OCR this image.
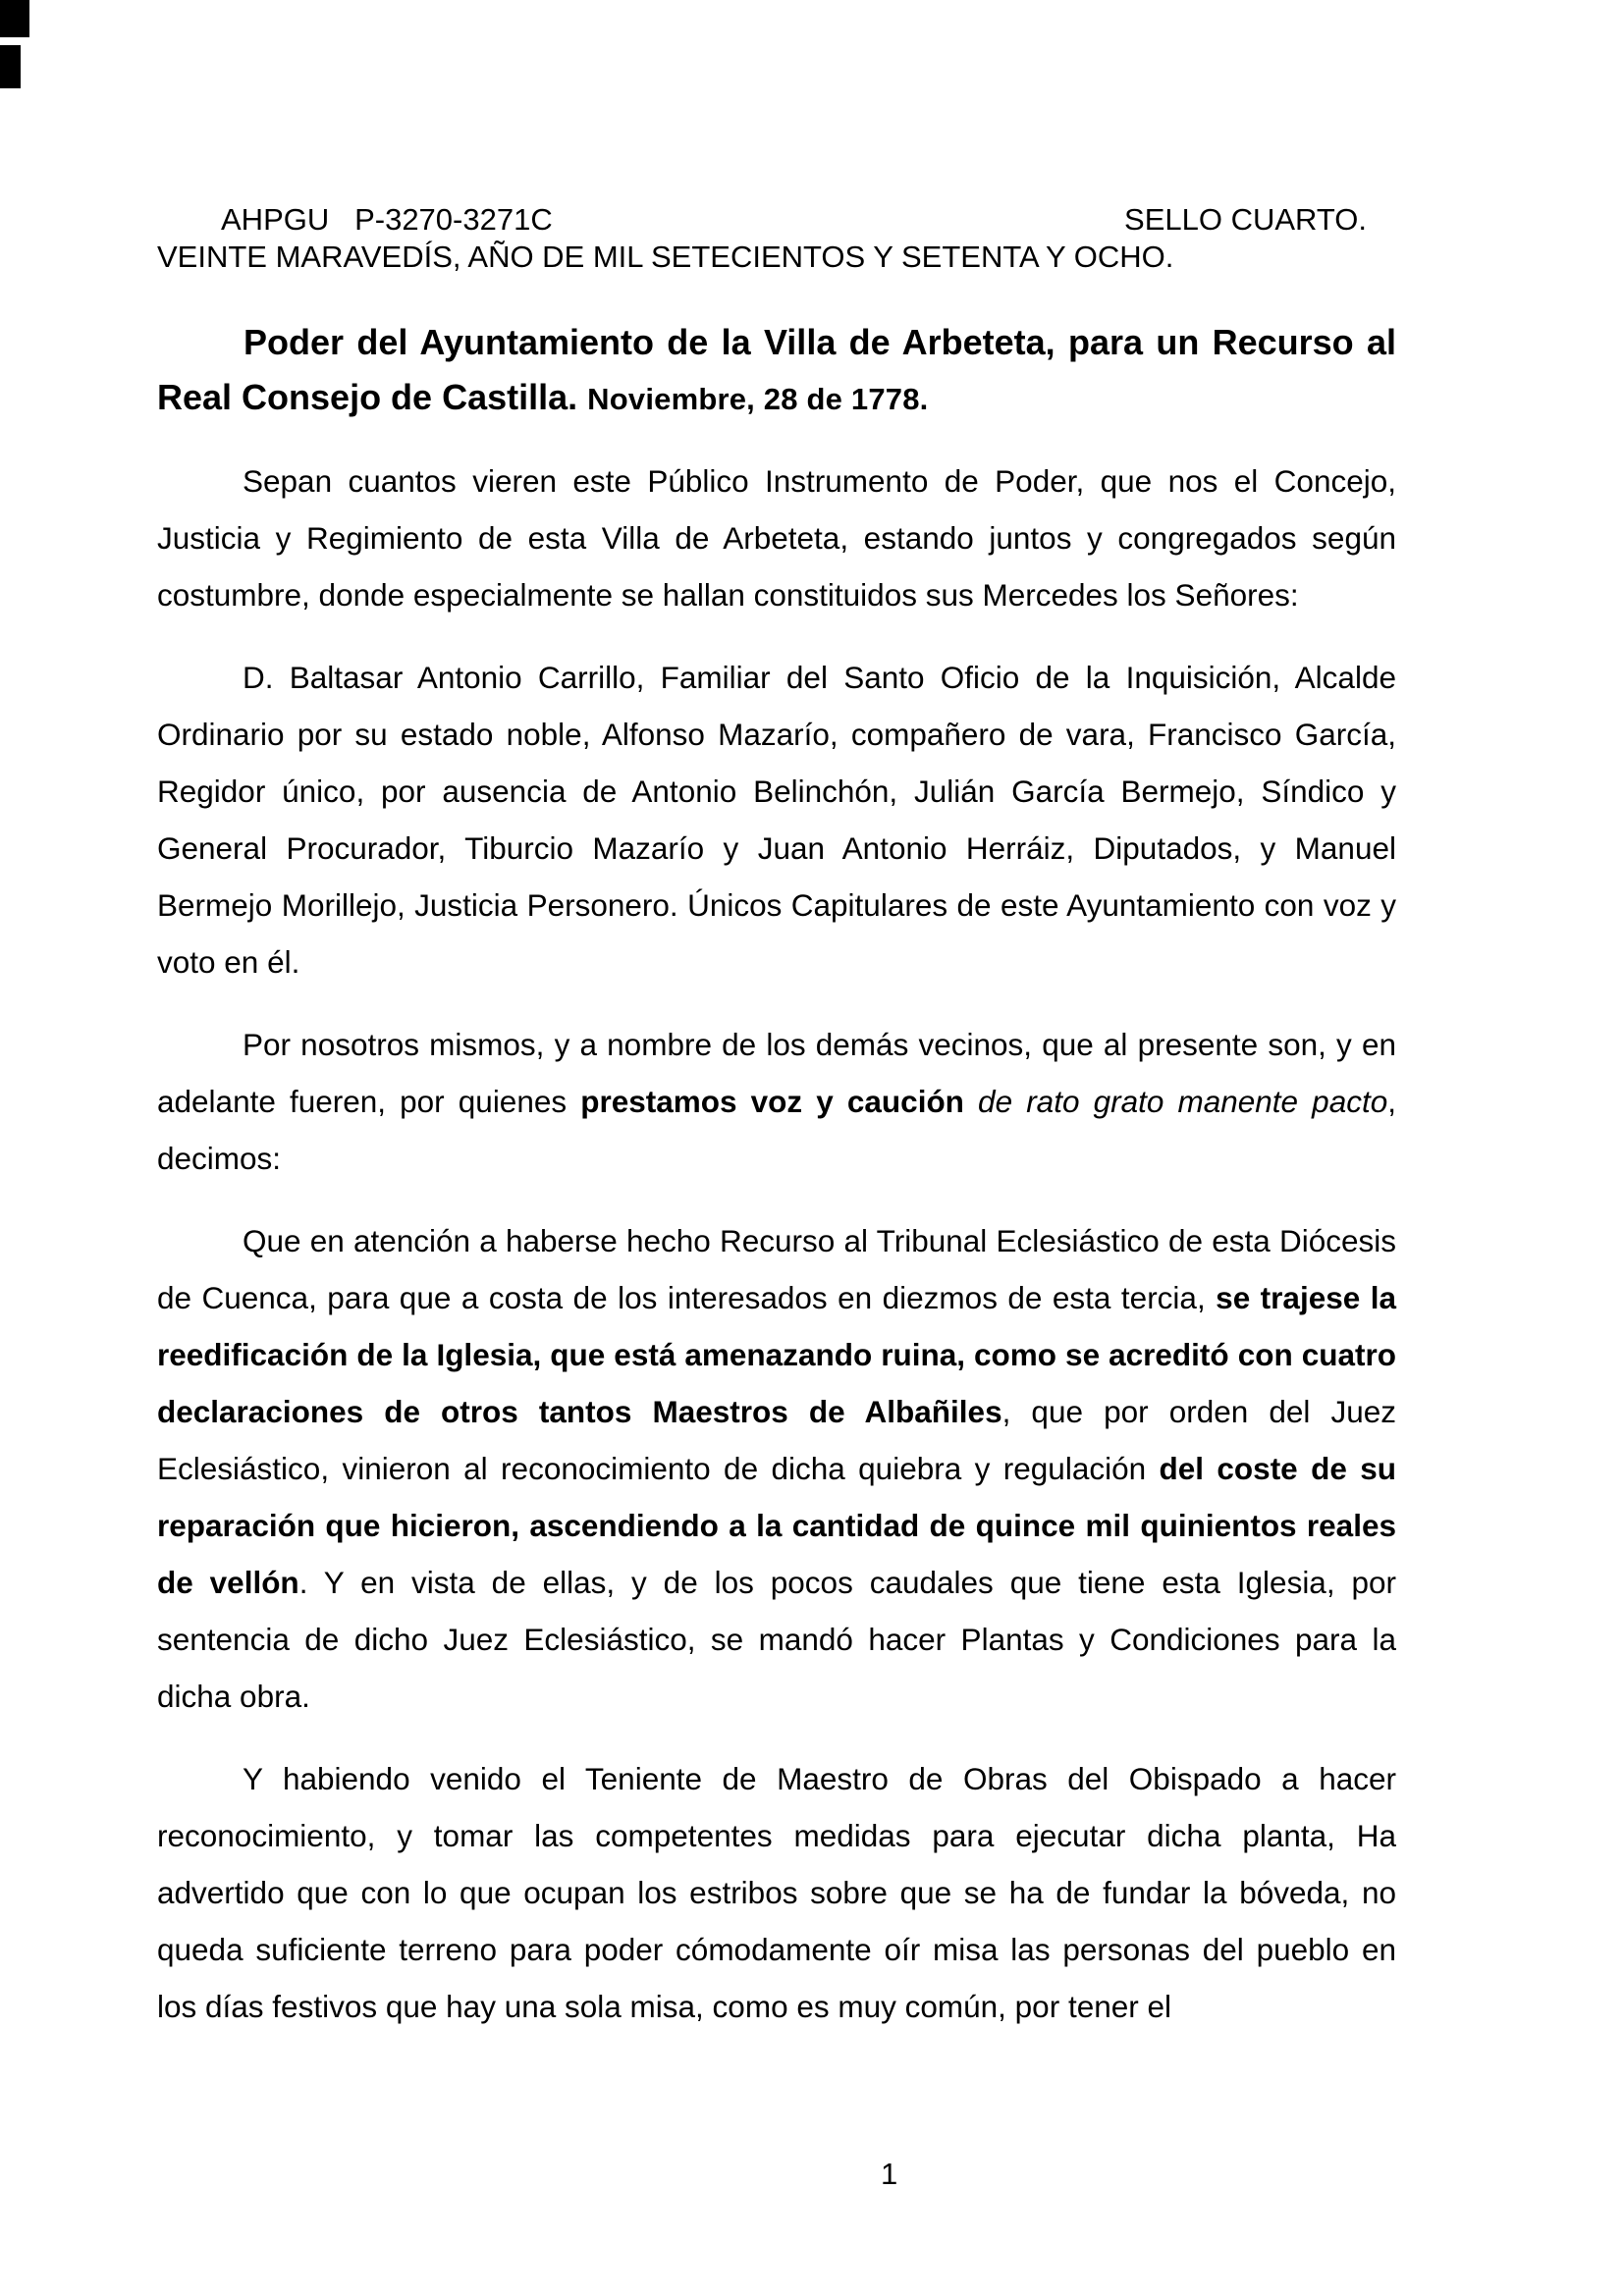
AHPGU   P-3270-3271C	SELLO CUARTO.
VEINTE MARAVEDÍS, AÑO DE MIL SETECIENTOS Y SETENTA Y OCHO.

Poder del Ayuntamiento de la Villa de Arbeteta, para un Recurso al Real Consejo de Castilla. Noviembre, 28 de 1778.

Sepan cuantos vieren este Público Instrumento de Poder, que nos el Concejo, Justicia y Regimiento de esta Villa de Arbeteta, estando juntos y congregados según costumbre, donde especialmente se hallan constituidos sus Mercedes los Señores:

D. Baltasar Antonio Carrillo, Familiar del Santo Oficio de la Inquisición, Alcalde Ordinario por su estado noble, Alfonso Mazarío, compañero de vara, Francisco García, Regidor único, por ausencia de Antonio Belinchón, Julián García Bermejo, Síndico y General Procurador, Tiburcio Mazarío y Juan Antonio Herráiz, Diputados, y Manuel Bermejo Morillejo, Justicia Personero. Únicos Capitulares de este Ayuntamiento con voz y voto en él.

Por nosotros mismos, y a nombre de los demás vecinos, que al presente son, y en adelante fueren, por quienes prestamos voz y caución de rato grato manente pacto, decimos:

Que en atención a haberse hecho Recurso al Tribunal Eclesiástico de esta Diócesis de Cuenca, para que a costa de los interesados en diezmos de esta tercia, se trajese la reedificación de la Iglesia, que está amenazando ruina, como se acreditó con cuatro declaraciones de otros tantos Maestros de Albañiles, que por orden del Juez Eclesiástico, vinieron al reconocimiento de dicha quiebra y regulación del coste de su reparación que hicieron, ascendiendo a la cantidad de quince mil quinientos reales de vellón. Y en vista de ellas, y de los pocos caudales que tiene esta Iglesia, por sentencia de dicho Juez Eclesiástico, se mandó hacer Plantas y Condiciones para la dicha obra.

Y habiendo venido el Teniente de Maestro de Obras del Obispado a hacer reconocimiento, y tomar las competentes medidas para ejecutar dicha planta, Ha advertido que con lo que ocupan los estribos sobre que se ha de fundar la bóveda, no queda suficiente terreno para poder cómodamente oír misa las personas del pueblo en los días festivos que hay una sola misa, como es muy común, por tener el

1
